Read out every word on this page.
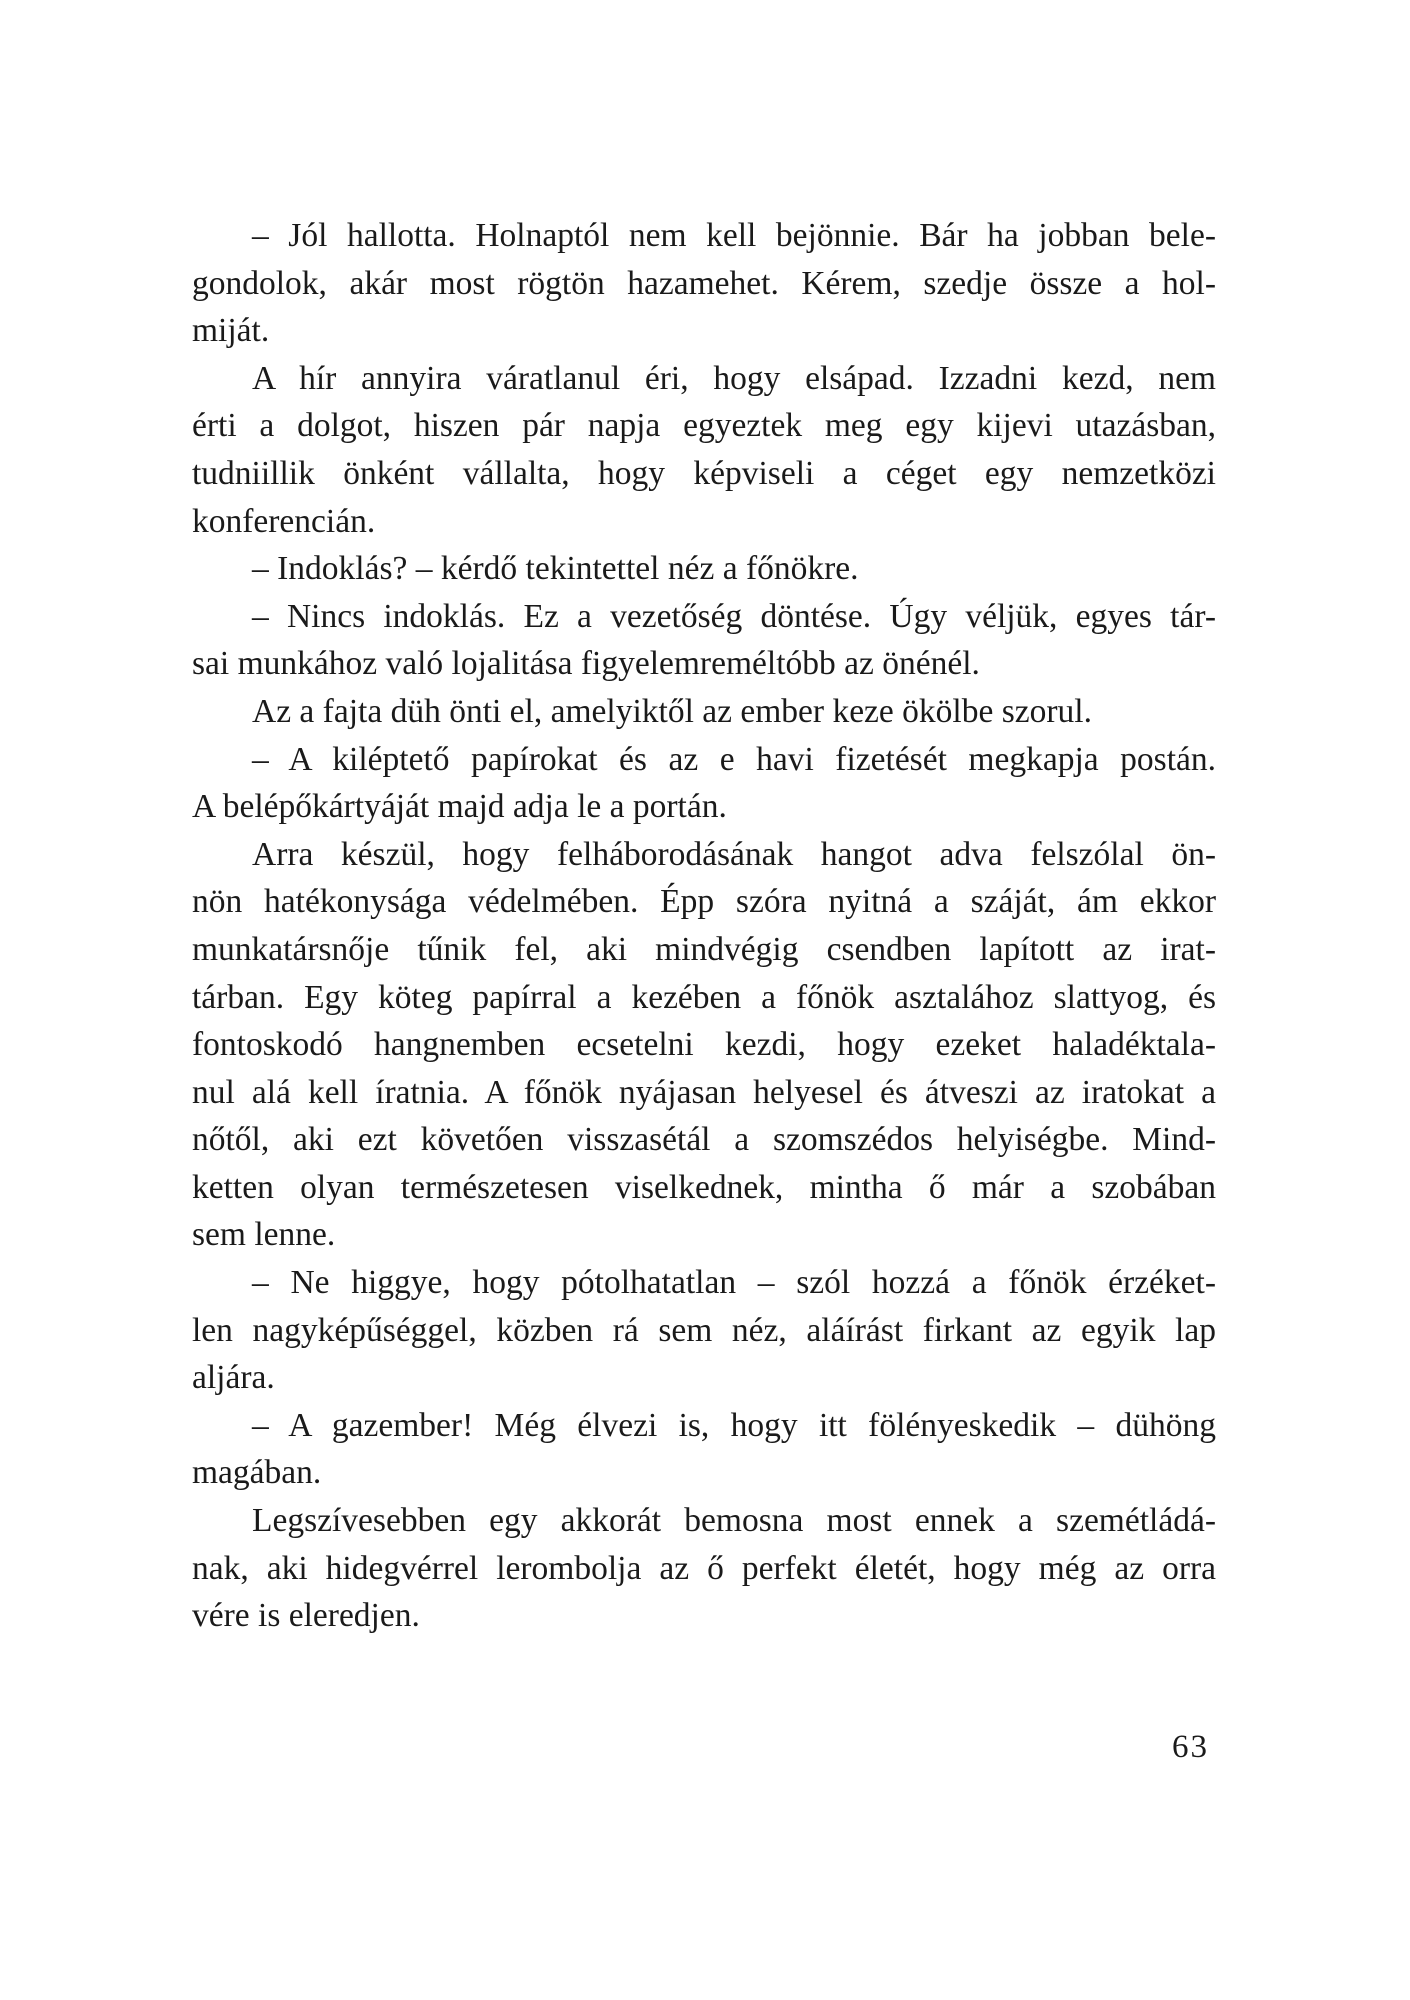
– Jól hallotta. Holnaptól nem kell bejönnie. Bár ha jobban bele-
gondolok, akár most rögtön hazamehet. Kérem, szedje össze a hol-
miját.
A hír annyira váratlanul éri, hogy elsápad. Izzadni kezd, nem
érti a dolgot, hiszen pár napja egyeztek meg egy kijevi utazásban,
tudniillik önként vállalta, hogy képviseli a céget egy nemzetközi
konferencián.
– Indoklás? – kérdő tekintettel néz a főnökre.
– Nincs indoklás. Ez a vezetőség döntése. Úgy véljük, egyes tár-
sai munkához való lojalitása figyelemreméltóbb az önénél.
Az a fajta düh önti el, amelyiktől az ember keze ökölbe szorul.
– A kiléptető papírokat és az e havi fizetését megkapja postán.
A belépőkártyáját majd adja le a portán.
Arra készül, hogy felháborodásának hangot adva felszólal ön-
nön hatékonysága védelmében. Épp szóra nyitná a száját, ám ekkor
munkatársnője tűnik fel, aki mindvégig csendben lapított az irat-
tárban. Egy köteg papírral a kezében a főnök asztalához slattyog, és
fontoskodó hangnemben ecsetelni kezdi, hogy ezeket haladéktala-
nul alá kell íratnia. A főnök nyájasan helyesel és átveszi az iratokat a
nőtől, aki ezt követően visszasétál a szomszédos helyiségbe. Mind-
ketten olyan természetesen viselkednek, mintha ő már a szobában
sem lenne.
– Ne higgye, hogy pótolhatatlan – szól hozzá a főnök érzéket-
len nagyképűséggel, közben rá sem néz, aláírást firkant az egyik lap
aljára.
– A gazember! Még élvezi is, hogy itt fölényeskedik – dühöng
magában.
Legszívesebben egy akkorát bemosna most ennek a szemétládá-
nak, aki hidegvérrel lerombolja az ő perfekt életét, hogy még az orra
vére is eleredjen.
63
